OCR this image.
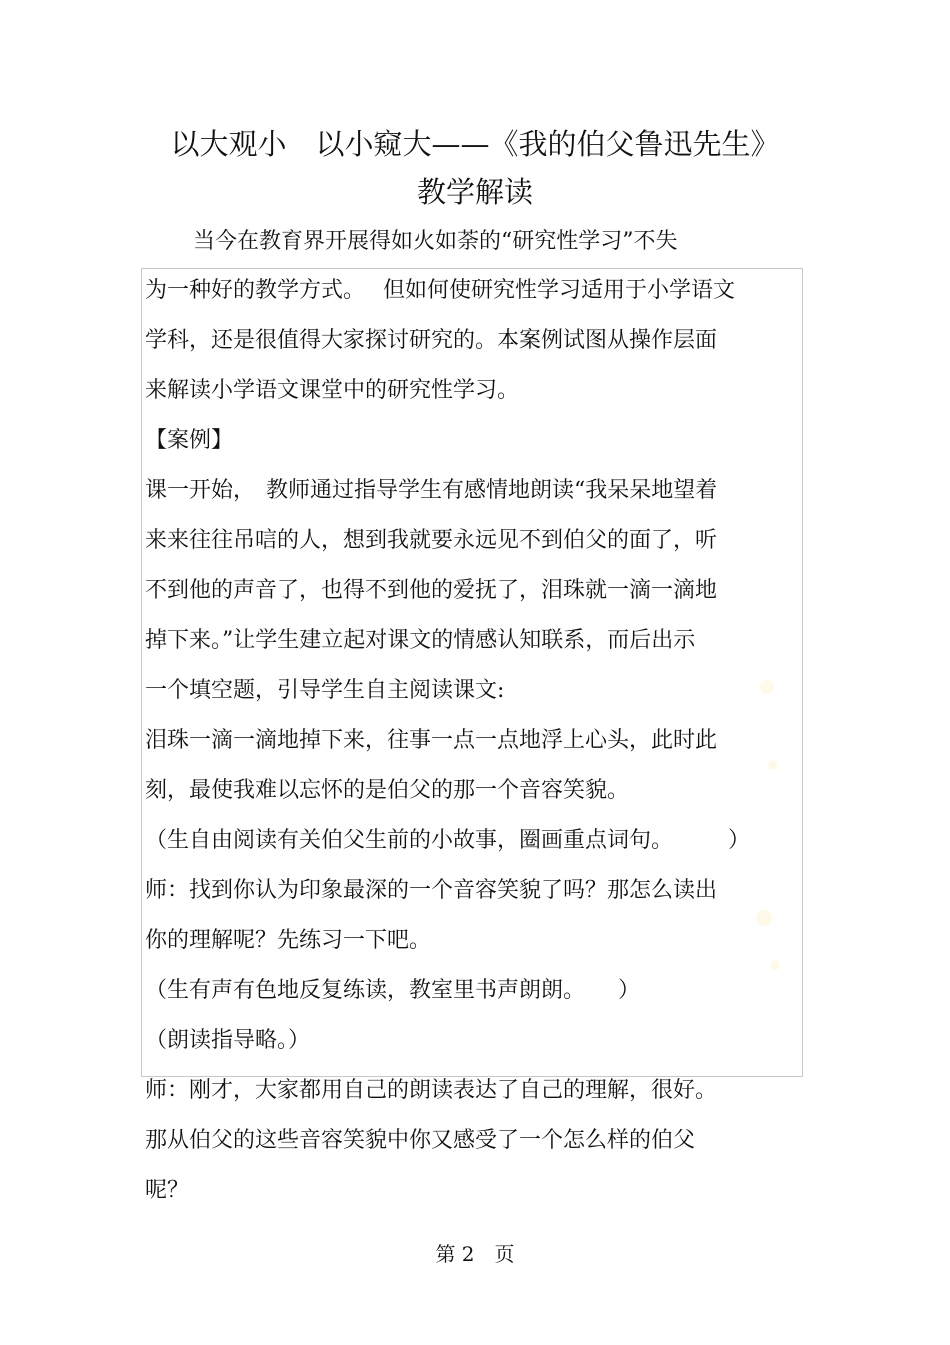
以大观小　以小窥大——《我的伯父鲁迅先生》
教学解读
当今在教育界开展得如火如荼的“研究性学习”不失
为一种好的教学方式。　 但如何使研究性学习适用于小学语文
学科，还是很值得大家探讨研究的。本案例试图从操作层面
来解读小学语文课堂中的研究性学习。
【案例】
课一开始，　教师通过指导学生有感情地朗读“我呆呆地望着
来来往往吊唁的人，想到我就要永远见不到伯父的面了，听
不到他的声音了，也得不到他的爱抚了，泪珠就一滴一滴地
掉下来。”让学生建立起对课文的情感认知联系，而后出示
一个填空题，引导学生自主阅读课文:
泪珠一滴一滴地掉下来，往事一点一点地浮上心头，此时此
刻，最使我难以忘怀的是伯父的那一个音容笑貌。
（生自由阅读有关伯父生前的小故事，圈画重点词句。　　　）
师：找到你认为印象最深的一个音容笑貌了吗？那怎么读出
你的理解呢？先练习一下吧。
（生有声有色地反复练读，教室里书声朗朗。　　）
（朗读指导略。）
师：刚才，大家都用自己的朗读表达了自己的理解，很好。
那从伯父的这些音容笑貌中你又感受了一个怎么样的伯父
呢？
第 2　页
